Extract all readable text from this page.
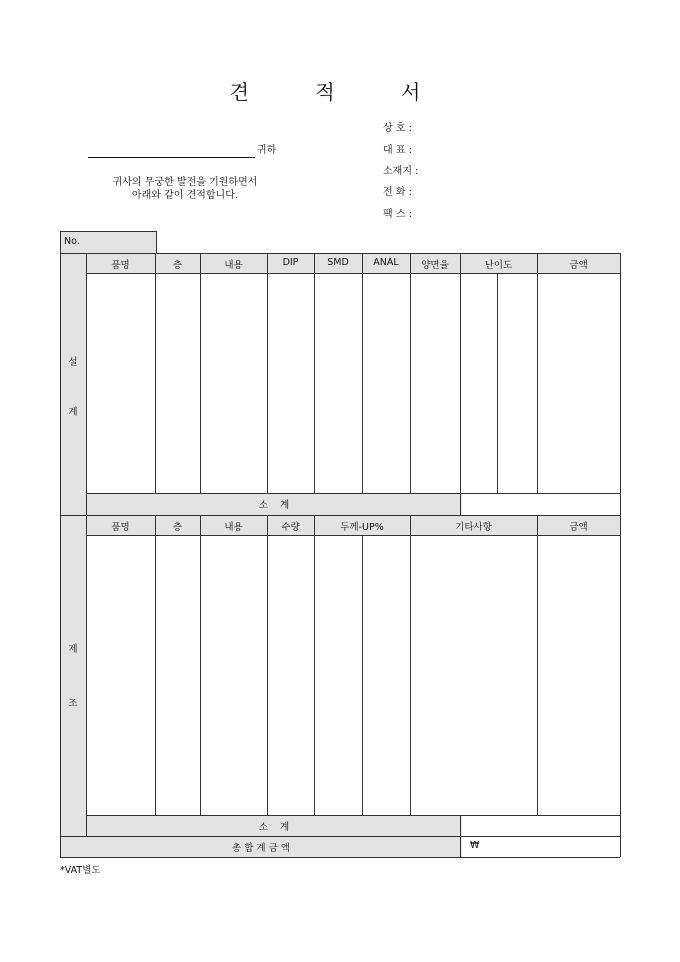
견 적 서
귀하
귀사의 무궁한 발전을 기원하면서
아래와 같이 견적합니다.
상 호 :
대 표 :
소재지 :
전 화 :
팩 스 :
No.
설
계
품명	층	내용	DIP	SMD	ANAL	양면율	난이도	금액
소    계
제
조
품명	층	내용	수량	두께-UP%	기타사항	금액
소    계
총 합 계 금 액	₩
*VAT별도
